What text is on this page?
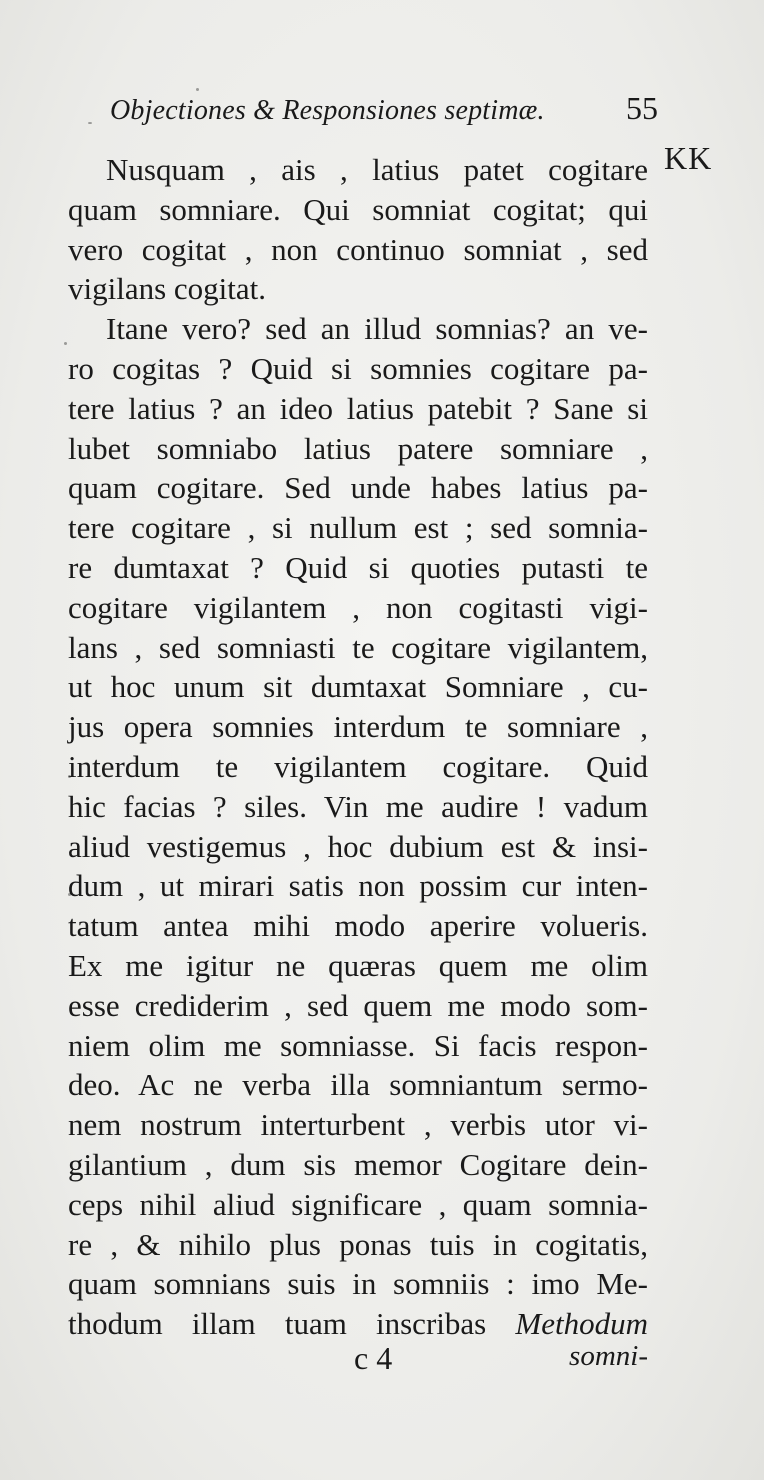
Objectiones & Responsiones septimæ.	55
KK
Nusquam , ais , latius patet cogitare
quam somniare. Qui somniat cogitat; qui
vero cogitat , non continuo somniat , sed
vigilans cogitat.
Itane vero? sed an illud somnias? an ve-
ro cogitas ? Quid si somnies cogitare pa-
tere latius ? an ideo latius patebit ? Sane si
lubet somniabo latius patere somniare ,
quam cogitare. Sed unde habes latius pa-
tere cogitare , si nullum est ; sed somnia-
re dumtaxat ? Quid si quoties putasti te
cogitare vigilantem , non cogitasti vigi-
lans , sed somniasti te cogitare vigilantem,
ut hoc unum sit dumtaxat Somniare , cu-
jus opera somnies interdum te somniare ,
interdum te vigilantem cogitare. Quid
hic facias ? siles. Vin me audire ! vadum
aliud vestigemus , hoc dubium est & insi-
dum , ut mirari satis non possim cur inten-
tatum antea mihi modo aperire volueris.
Ex me igitur ne quæras quem me olim
esse crediderim , sed quem me modo som-
niem olim me somniasse. Si facis respon-
deo. Ac ne verba illa somniantum sermo-
nem nostrum interturbent , verbis utor vi-
gilantium , dum sis memor Cogitare dein-
ceps nihil aliud significare , quam somnia-
re , & nihilo plus ponas tuis in cogitatis,
quam somnians suis in somniis : imo Me-
thodum illam tuam inscribas Methodum
c 4	somni-
